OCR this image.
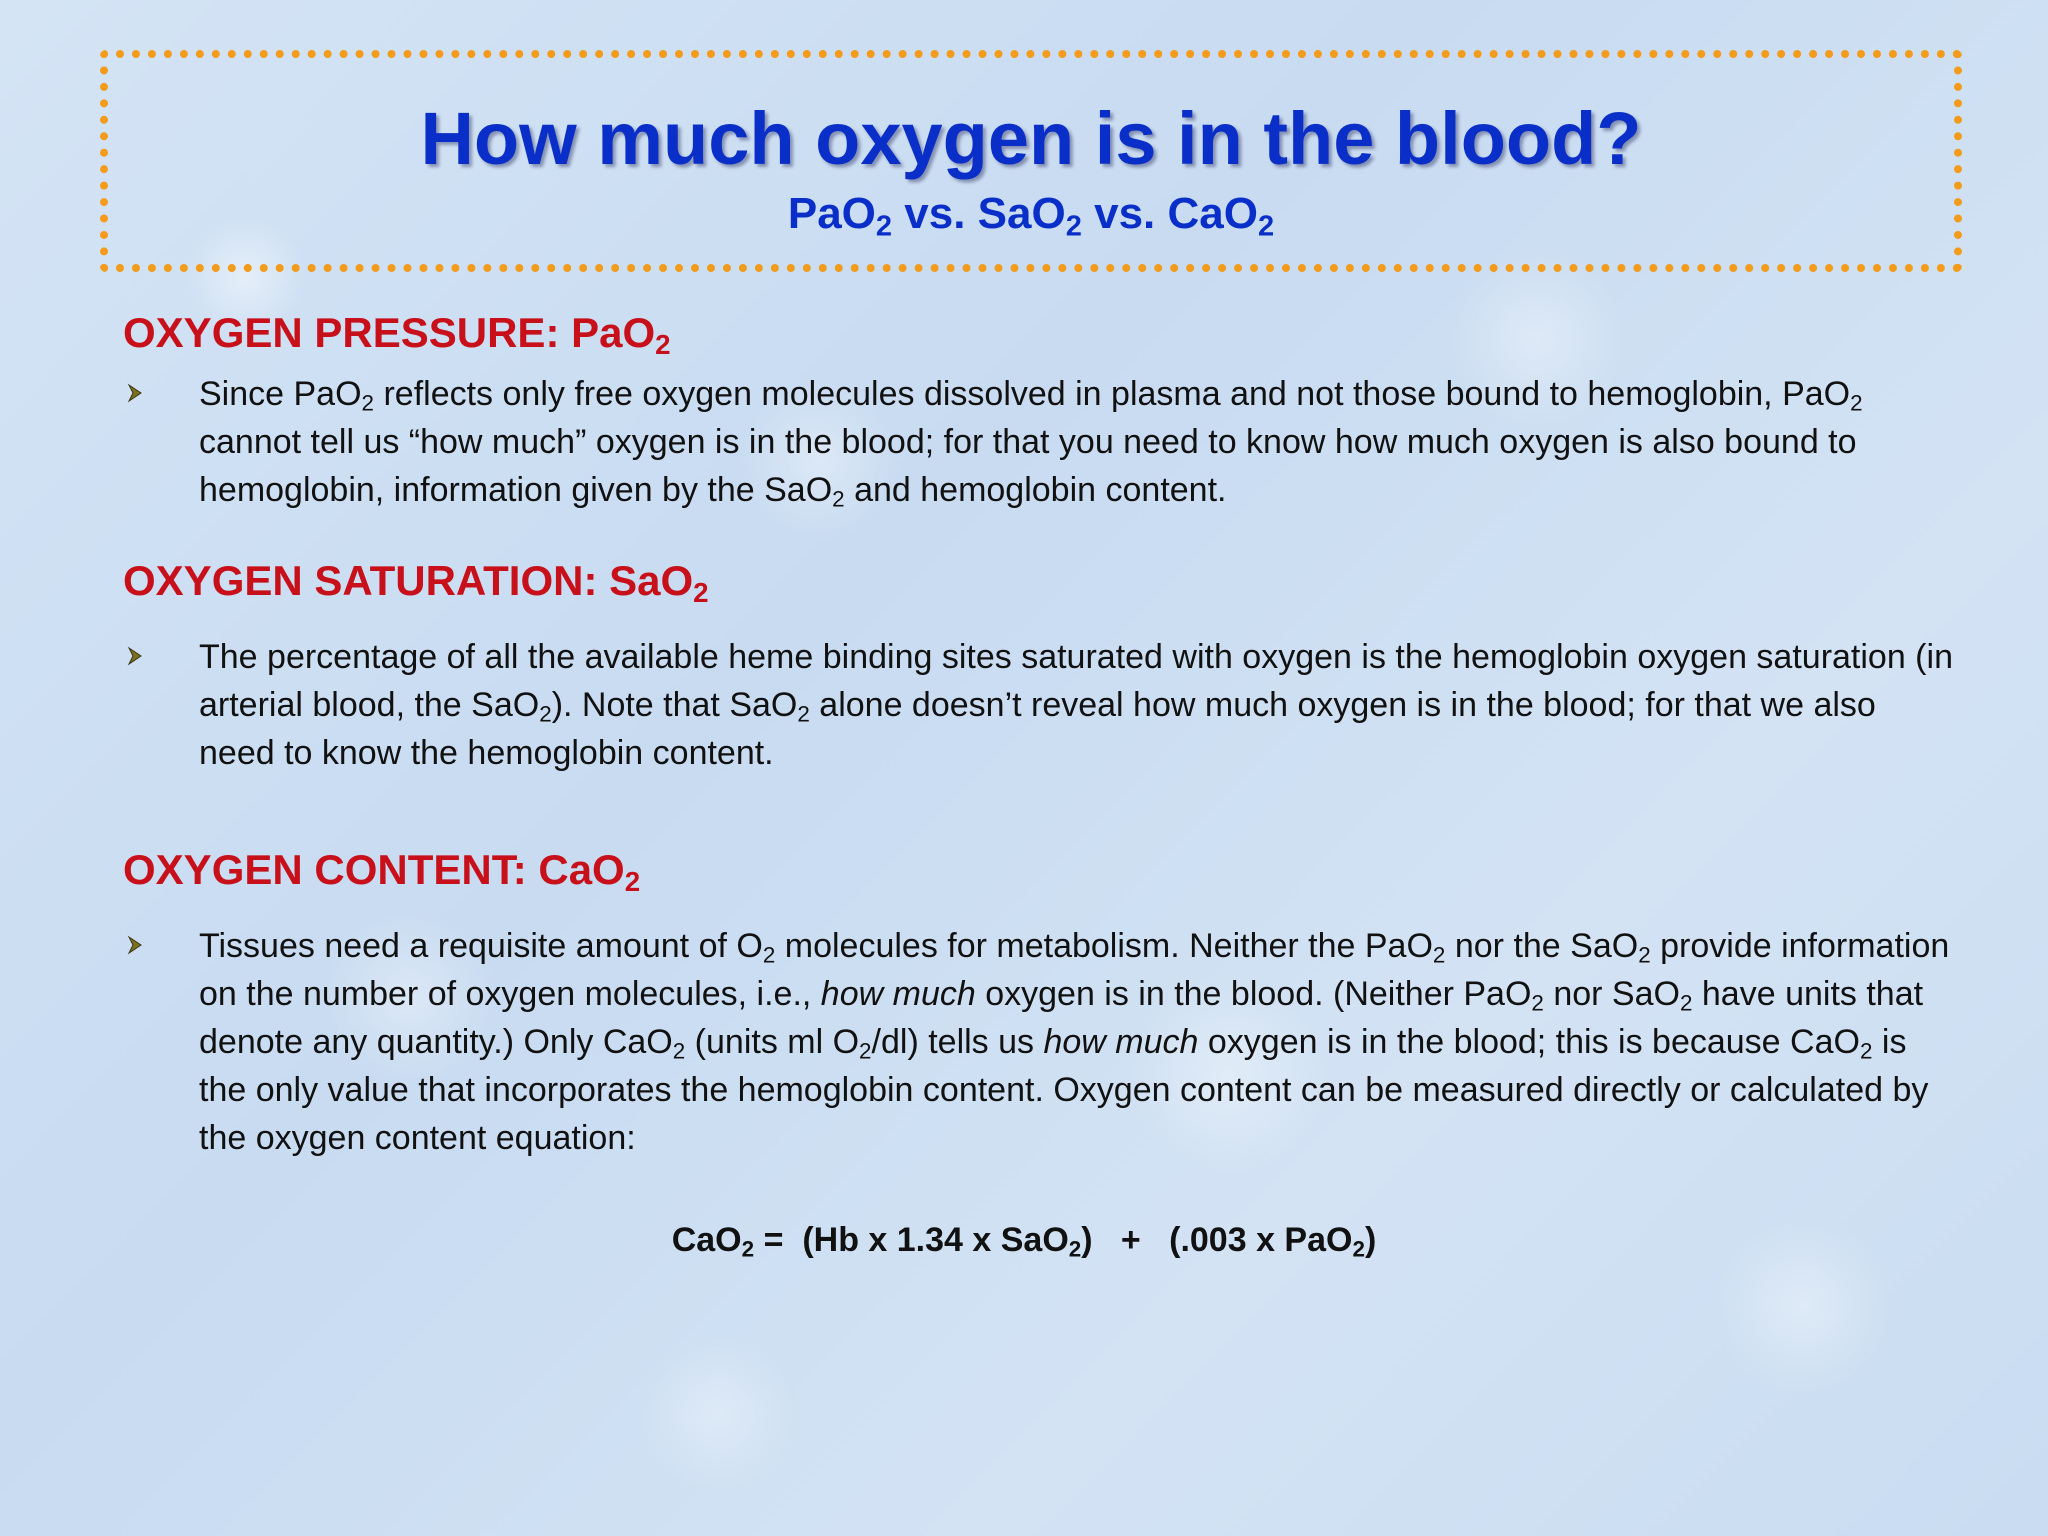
How much oxygen is in the blood?
PaO$_2$ vs. SaO$_2$ vs. CaO$_2$
OXYGEN PRESSURE: PaO$_2$

Since PaO$_2$ reflects only free oxygen molecules dissolved in plasma and not those bound to hemoglobin, PaO$_2$ cannot tell us “how much” oxygen is in the blood; for that you need to know how much oxygen is also bound to hemoglobin, information given by the SaO$_2$ and hemoglobin content.

OXYGEN SATURATION: SaO$_2$

The percentage of all the available heme binding sites saturated with oxygen is the hemoglobin oxygen saturation (in arterial blood, the SaO$_2$). Note that SaO$_2$ alone doesn’t reveal how much oxygen is in the blood; for that we also need to know the hemoglobin content.

OXYGEN CONTENT: CaO$_2$

Tissues need a requisite amount of $O_2$ molecules for metabolism. Neither the PaO$_2$ nor the SaO$_2$ provide information on the number of oxygen molecules, i.e., how much oxygen is in the blood. (Neither PaO$_2$ nor SaO$_2$ have units that denote any quantity.) Only CaO$_2$ (units ml $O_2/dl$) tells us how much oxygen is in the blood; this is because CaO$_2$ is the only value that incorporates the hemoglobin content. Oxygen content can be measured directly or calculated by the oxygen content equation:

CaO$_2$ =  (Hb x 1.34 x SaO$_2$)   +   (.003 x PaO$_2$)
